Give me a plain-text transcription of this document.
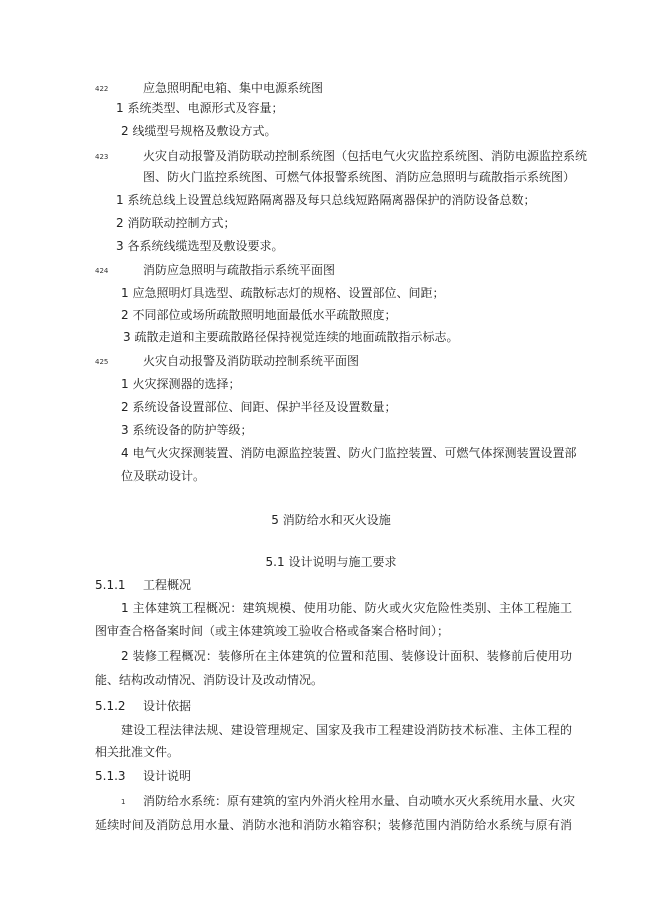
422	应急照明配电箱、集中电源系统图
1 系统类型、电源形式及容量；
2 线缆型号规格及敷设方式。
423	火灾自动报警及消防联动控制系统图（包括电气火灾监控系统图、消防电源监控系统
图、防火门监控系统图、可燃气体报警系统图、消防应急照明与疏散指示系统图）
1 系统总线上设置总线短路隔离器及每只总线短路隔离器保护的消防设备总数；
2 消防联动控制方式；
3 各系统线缆选型及敷设要求。
424	消防应急照明与疏散指示系统平面图
1 应急照明灯具选型、疏散标志灯的规格、设置部位、间距；
2 不同部位或场所疏散照明地面最低水平疏散照度；
3 疏散走道和主要疏散路径保持视觉连续的地面疏散指示标志。
425	火灾自动报警及消防联动控制系统平面图
1 火灾探测器的选择；
2 系统设备设置部位、间距、保护半径及设置数量；
3 系统设备的防护等级；
4 电气火灾探测装置、消防电源监控装置、防火门监控装置、可燃气体探测装置设置部
位及联动设计。
5 消防给水和灭火设施
5.1 设计说明与施工要求
5.1.1 工程概况
1 主体建筑工程概况：建筑规模、使用功能、防火或火灾危险性类别、主体工程施工
图审查合格备案时间（或主体建筑竣工验收合格或备案合格时间）；
2 装修工程概况：装修所在主体建筑的位置和范围、装修设计面积、装修前后使用功
能、结构改动情况、消防设计及改动情况。
5.1.2 设计依据
建设工程法律法规、建设管理规定、国家及我市工程建设消防技术标准、主体工程的
相关批准文件。
5.1.3 设计说明
1 消防给水系统：原有建筑的室内外消火栓用水量、自动喷水灭火系统用水量、火灾
延续时间及消防总用水量、消防水池和消防水箱容积；装修范围内消防给水系统与原有消
